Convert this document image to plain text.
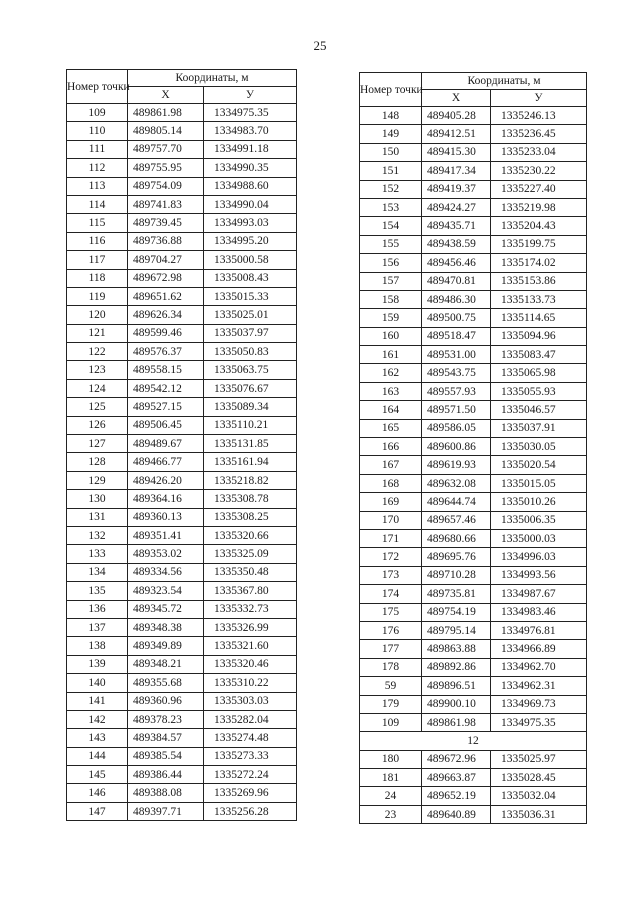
25
Номер точки	Координаты, м	
	X	У
109	489861.98	1334975.35
110	489805.14	1334983.70
111	489757.70	1334991.18
112	489755.95	1334990.35
113	489754.09	1334988.60
114	489741.83	1334990.04
115	489739.45	1334993.03
116	489736.88	1334995.20
117	489704.27	1335000.58
118	489672.98	1335008.43
119	489651.62	1335015.33
120	489626.34	1335025.01
121	489599.46	1335037.97
122	489576.37	1335050.83
123	489558.15	1335063.75
124	489542.12	1335076.67
125	489527.15	1335089.34
126	489506.45	1335110.21
127	489489.67	1335131.85
128	489466.77	1335161.94
129	489426.20	1335218.82
130	489364.16	1335308.78
131	489360.13	1335308.25
132	489351.41	1335320.66
133	489353.02	1335325.09
134	489334.56	1335350.48
135	489323.54	1335367.80
136	489345.72	1335332.73
137	489348.38	1335326.99
138	489349.89	1335321.60
139	489348.21	1335320.46
140	489355.68	1335310.22
141	489360.96	1335303.03
142	489378.23	1335282.04
143	489384.57	1335274.48
144	489385.54	1335273.33
145	489386.44	1335272.24
146	489388.08	1335269.96
147	489397.71	1335256.28
Номер точки	Координаты, м	
	X	У
148	489405.28	1335246.13
149	489412.51	1335236.45
150	489415.30	1335233.04
151	489417.34	1335230.22
152	489419.37	1335227.40
153	489424.27	1335219.98
154	489435.71	1335204.43
155	489438.59	1335199.75
156	489456.46	1335174.02
157	489470.81	1335153.86
158	489486.30	1335133.73
159	489500.75	1335114.65
160	489518.47	1335094.96
161	489531.00	1335083.47
162	489543.75	1335065.98
163	489557.93	1335055.93
164	489571.50	1335046.57
165	489586.05	1335037.91
166	489600.86	1335030.05
167	489619.93	1335020.54
168	489632.08	1335015.05
169	489644.74	1335010.26
170	489657.46	1335006.35
171	489680.66	1335000.03
172	489695.76	1334996.03
173	489710.28	1334993.56
174	489735.81	1334987.67
175	489754.19	1334983.46
176	489795.14	1334976.81
177	489863.88	1334966.89
178	489892.86	1334962.70
59	489896.51	1334962.31
179	489900.10	1334969.73
109	489861.98	1334975.35
12		
180	489672.96	1335025.97
181	489663.87	1335028.45
24	489652.19	1335032.04
23	489640.89	1335036.31
